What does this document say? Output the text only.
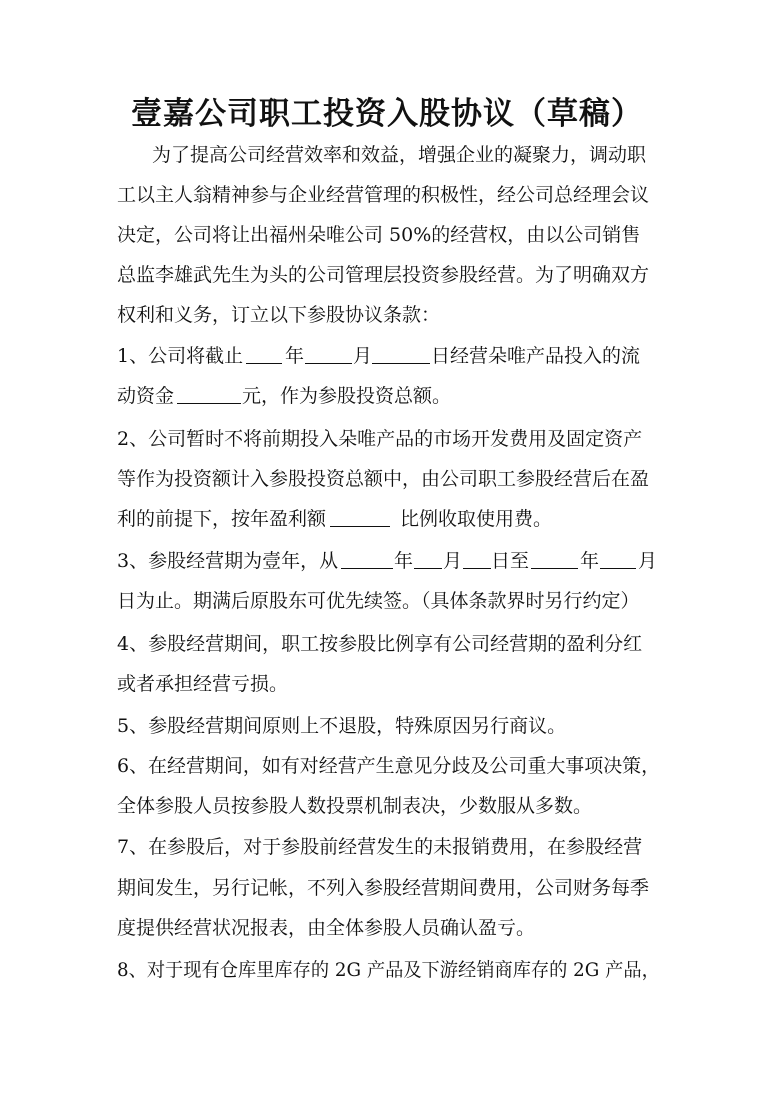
壹嘉公司职工投资入股协议（草稿）
为了提高公司经营效率和效益，增强企业的凝聚力，调动职
工以主人翁精神参与企业经营管理的积极性，经公司总经理会议
决定，公司将让出福州朵唯公司 50%的经营权，由以公司销售
总监李雄武先生为头的公司管理层投资参股经营。为了明确双方
权利和义务，订立以下参股协议条款：
1、公司将截止 年	月	日经营朵唯产品投入的流
动资金	元，作为参股投资总额。
2、公司暂时不将前期投入朵唯产品的市场开发费用及固定资产
等作为投资额计入参股投资总额中，由公司职工参股经营后在盈
利的前提下，按年盈利额	比例收取使用费。
3、参股经营期为壹年，从	年 月 日至	年 月
日为止。期满后原股东可优先续签。（具体条款界时另行约定）
4、参股经营期间，职工按参股比例享有公司经营期的盈利分红
或者承担经营亏损。
5、参股经营期间原则上不退股，特殊原因另行商议。
6、在经营期间，如有对经营产生意见分歧及公司重大事项决策，
全体参股人员按参股人数投票机制表决，少数服从多数。
7、在参股后，对于参股前经营发生的未报销费用，在参股经营
期间发生，另行记帐，不列入参股经营期间费用，公司财务每季
度提供经营状况报表，由全体参股人员确认盈亏。
8、对于现有仓库里库存的 2G 产品及下游经销商库存的 2G 产品，
